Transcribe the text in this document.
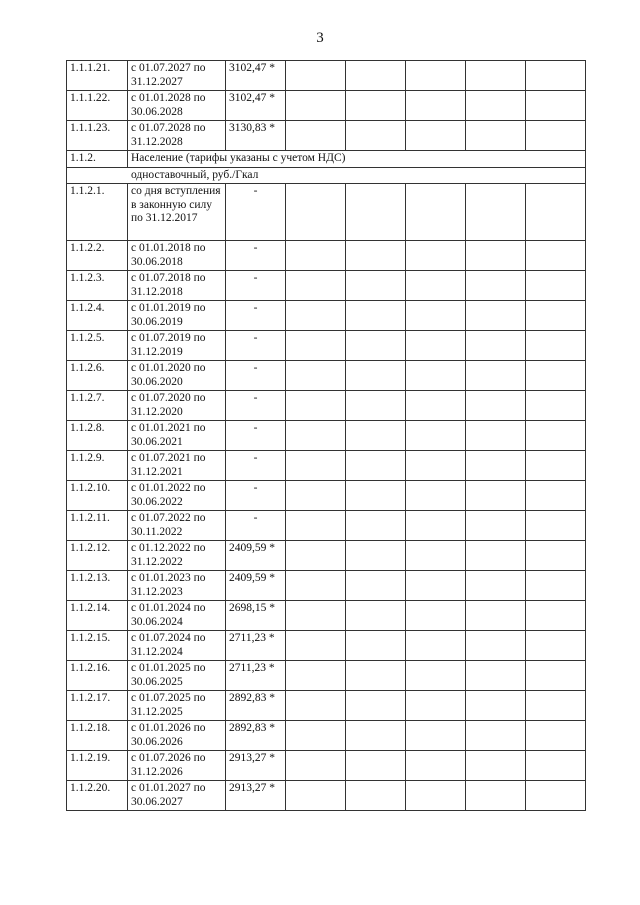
3
1.1.1.21.	с 01.07.2027 по 31.12.2027	3102,47 *					
1.1.1.22.	с 01.01.2028 по 30.06.2028	3102,47 *					
1.1.1.23.	с 01.07.2028 по 31.12.2028	3130,83 *					
1.1.2.	Население (тарифы указаны с учетом НДС)						
одноставочный, руб./Гкал							
1.1.2.1.	со дня вступления в законную силу по 31.12.2017	-					
1.1.2.2.	с 01.01.2018 по 30.06.2018	-					
1.1.2.3.	с 01.07.2018 по 31.12.2018	-					
1.1.2.4.	с 01.01.2019 по 30.06.2019	-					
1.1.2.5.	с 01.07.2019 по 31.12.2019	-					
1.1.2.6.	с 01.01.2020 по 30.06.2020	-					
1.1.2.7.	с 01.07.2020 по 31.12.2020	-					
1.1.2.8.	с 01.01.2021 по 30.06.2021	-					
1.1.2.9.	с 01.07.2021 по 31.12.2021	-					
1.1.2.10.	с 01.01.2022 по 30.06.2022	-					
1.1.2.11.	с 01.07.2022 по 30.11.2022	-					
1.1.2.12.	с 01.12.2022 по 31.12.2022	2409,59 *					
1.1.2.13.	с 01.01.2023 по 31.12.2023	2409,59 *					
1.1.2.14.	с 01.01.2024 по 30.06.2024	2698,15 *					
1.1.2.15.	с 01.07.2024 по 31.12.2024	2711,23 *					
1.1.2.16.	с 01.01.2025 по 30.06.2025	2711,23 *					
1.1.2.17.	с 01.07.2025 по 31.12.2025	2892,83 *					
1.1.2.18.	с 01.01.2026 по 30.06.2026	2892,83 *					
1.1.2.19.	с 01.07.2026 по 31.12.2026	2913,27 *					
1.1.2.20.	с 01.01.2027 по 30.06.2027	2913,27 *					
